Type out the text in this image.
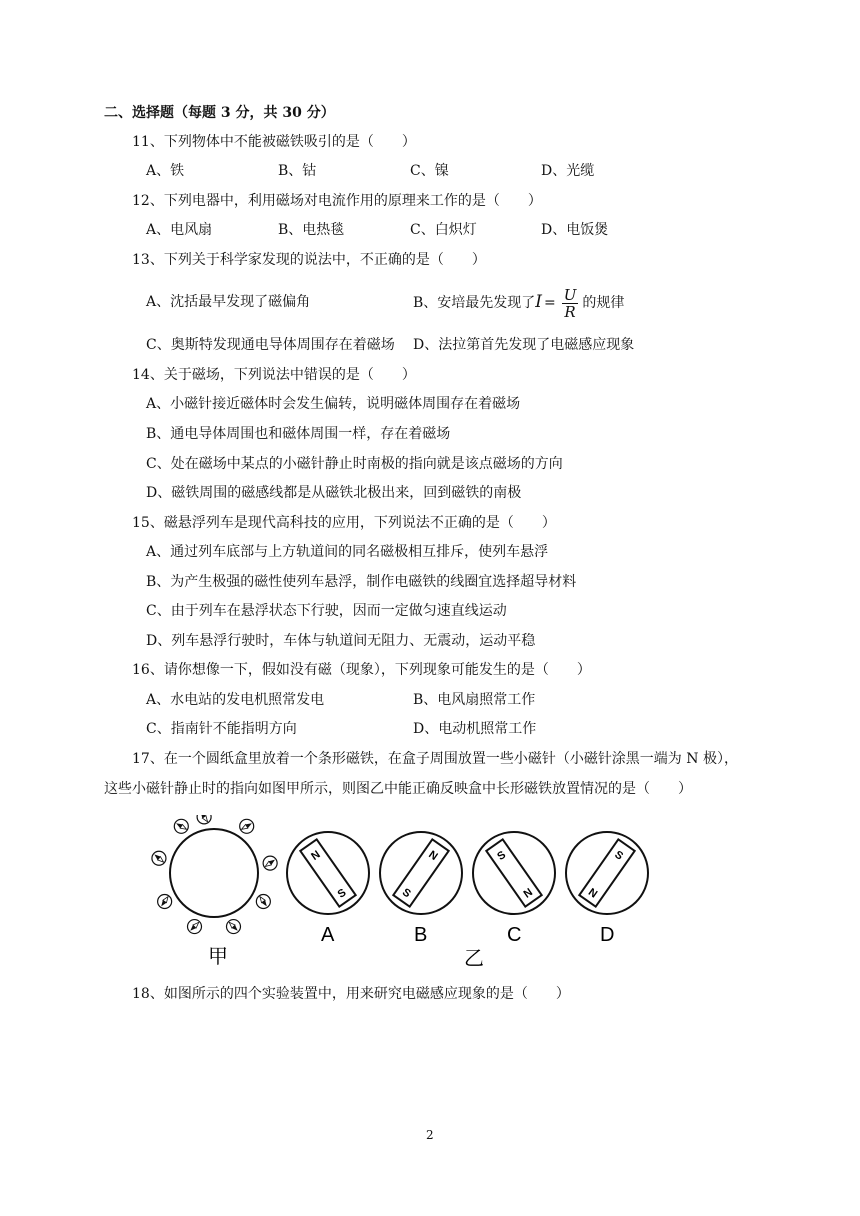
二、选择题（每题 3 分，共 30 分）
11、下列物体中不能被磁铁吸引的是（　　）
A、铁	B、钴	C、镍	D、光缆
12、下列电器中，利用磁场对电流作用的原理来工作的是（　　）
A、电风扇	B、电热毯	C、白炽灯	D、电饭煲
13、下列关于科学家发现的说法中，不正确的是（　　）
A、沈括最早发现了磁偏角	B、安培最先发现了$I = \frac{U}{R}$ 的规律
C、奥斯特发现通电导体周围存在着磁场 D、法拉第首先发现了电磁感应现象
14、关于磁场，下列说法中错误的是（　　）
A、小磁针接近磁体时会发生偏转，说明磁体周围存在着磁场
B、通电导体周围也和磁体周围一样，存在着磁场
C、处在磁场中某点的小磁针静止时南极的指向就是该点磁场的方向
D、磁铁周围的磁感线都是从磁铁北极出来，回到磁铁的南极
15、磁悬浮列车是现代高科技的应用，下列说法不正确的是（　　）
A、通过列车底部与上方轨道间的同名磁极相互排斥，使列车悬浮
B、为产生极强的磁性使列车悬浮，制作电磁铁的线圈宜选择超导材料
C、由于列车在悬浮状态下行驶，因而一定做匀速直线运动
D、列车悬浮行驶时，车体与轨道间无阻力、无震动，运动平稳
16、请你想像一下，假如没有磁（现象），下列现象可能发生的是（　　）
A、水电站的发电机照常发电	B、电风扇照常工作
C、指南针不能指明方向	D、电动机照常工作
17、在一个圆纸盒里放着一个条形磁铁，在盒子周围放置一些小磁针（小磁针涂黑一端为 N 极），
这些小磁针静止时的指向如图甲所示，则图乙中能正确反映盒中长形磁铁放置情况的是（　　）
甲
N
S
A
N
S
B
S
N
C
S
N
D
乙
18、如图所示的四个实验装置中，用来研究电磁感应现象的是（　　）
2
